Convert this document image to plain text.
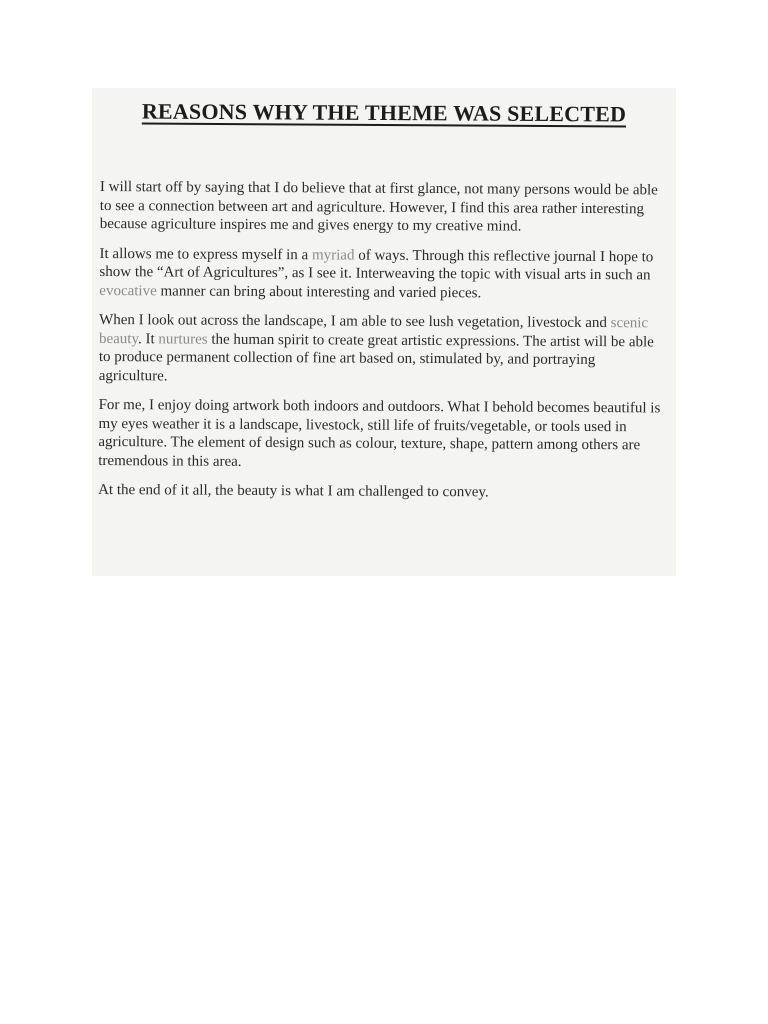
REASONS WHY THE THEME WAS SELECTED

I will start off by saying that I do believe that at first glance, not many persons would be able to see a connection between art and agriculture. However, I find this area rather interesting because agriculture inspires me and gives energy to my creative mind.

It allows me to express myself in a myriad of ways. Through this reflective journal I hope to show the “Art of Agricultures”, as I see it. Interweaving the topic with visual arts in such an evocative manner can bring about interesting and varied pieces.

When I look out across the landscape, I am able to see lush vegetation, livestock and scenic beauty. It nurtures the human spirit to create great artistic expressions. The artist will be able to produce permanent collection of fine art based on, stimulated by, and portraying agriculture.

For me, I enjoy doing artwork both indoors and outdoors. What I behold becomes beautiful is my eyes weather it is a landscape, livestock, still life of fruits/vegetable, or tools used in agriculture. The element of design such as colour, texture, shape, pattern among others are tremendous in this area.

At the end of it all, the beauty is what I am challenged to convey.
